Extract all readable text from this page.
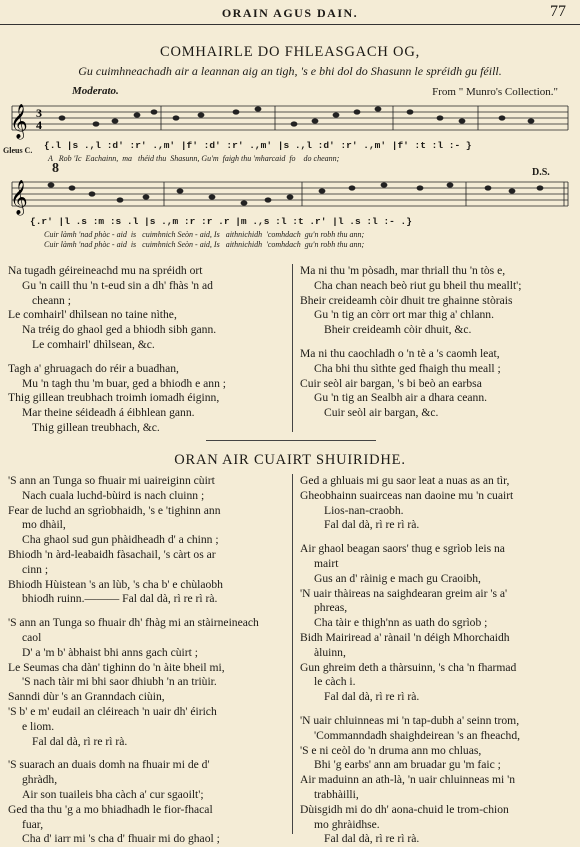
ORAIN AGUS DAIN.	77
COMHAIRLE DO FHLEASGACH OG,
Gu cuimhneachadh air a leannan aig an tigh, 's e bhi dol do Shasunn le spréidh gu féill.
Moderato.	From " Munro's Collection."
𝄞 3
4
𝄞
Gleus C. {.l |s .,l :d' :r' .,m' |f' :d' :r' .,m' |s .,l :d' :r' .,m' |f' :t :l :- }
A   Rob 'Ic  Eachainn,  ma   théid thu  Shasunn, Gu'm  faigh thu 'mharcaid  fo    do cheann;
8	D.S.
{.r' |l .s :m :s .l |s .,m :r :r .r |m .,s :l :t .r' |l .s :l :- .}
Cuir làmh 'nad phòc - aid  is   cuimhnich Seòn - aid, Is   aithnichidh  'comhdach  gu'n robh thu ann;
Cuir làmh 'nad phòc - aid  is   cuimhnich Seòn - aid, Is   aithnichidh  'comhdach  gu'n robh thu ann;
Na tugadh géireineachd mu na spréidh ort
Gu 'n caill thu 'n t-eud sin a dh' fhàs 'n ad
cheann ;
Le comhairl' dhìlsean no taine nìthe,
Na tréig do ghaol ged a bhiodh sibh gann.
Le comhairl' dhìlsean, &c.
Tagh a' ghruagach do réir a buadhan,
Mu 'n tagh thu 'm buar, ged a bhiodh e ann ;
Thig gillean treubhach troimh iomadh éiginn,
Mar theine séideadh á éibhlean gann.
Thig gillean treubhach, &c.
Ma ni thu 'm pòsadh, mar thriall thu 'n tòs e,
Cha chan neach beò riut gu bheil thu meallt';
Bheir creideamh còir dhuit tre ghainne stòrais
Gu 'n tig an còrr ort mar thig a' chlann.
Bheir creideamh còir dhuit, &c.
Ma ni thu caochladh o 'n tè a 's caomh leat,
Cha bhi thu sìthte ged fhaigh thu meall ;
Cuir seòl air bargan, 's bi beò an earbsa
Gu 'n tig an Sealbh air a dhara ceann.
Cuir seòl air bargan, &c.
ORAN AIR CUAIRT SHUIRIDHE.
'S ann an Tunga so fhuair mi uaireiginn cùirt
Nach cuala luchd-bùird is nach cluinn ;
Fear de luchd an sgrìobhaidh, 's e 'tighinn ann
mo dhàil,
Cha ghaol sud gun phàidheadh d' a chinn ;
Bhiodh 'n àrd-leabaidh fàsachail, 's càrt os ar
cinn ;
Bhiodh Hùistean 's an lùb, 's cha b' e chùlaobh
bhiodh ruinn.——— Fal dal dà, rì re rì rà.
'S ann an Tunga so fhuair dh' fhàg mi an stàirneineach
caol
D' a 'm b' àbhaist bhi anns gach cùirt ;
Le Seumas cha dàn' tighinn do 'n àite bheil mi,
'S nach tàir mi bhi saor dhiubh 'n an triùir.
Sanndi dùr 's an Granndach ciùin,
'S b' e m' eudail an cléireach 'n uair dh' éirich
e liom.
Fal dal dà, rì re rì rà.
'S suarach an duais domh na fhuair mi de d'
ghràdh,
Air son tuaileis bha càch a' cur sgaoilt';
Ged tha thu 'g a mo bhiadhadh le fior-fhacal
fuar,
Cha d' iarr mi 's cha d' fhuair mi do ghaol ;
Ged a ghluais mi gu saor leat a nuas as an tìr,
Gheobhainn suairceas nan daoine mu 'n cuairt
Lios-nan-craobh.
Fal dal dà, rì re rì rà.
Air ghaol beagan saors' thug e sgrìob leis na
mairt
Gus an d' ràinig e mach gu Craoibh,
'N uair thàireas na saighdearan greim air 's a'
phreas,
Cha tàir e thigh'nn as uath do sgrìob ;
Bidh Mairiread a' rànail 'n déigh Mhorchaidh
àluinn,
Gun ghreim deth a thàrsuinn, 's cha 'n fharmad
le càch i.
Fal dal dà, rì re rì rà.
'N uair chluinneas mi 'n tap-dubh a' seinn trom,
'Commanndadh shaighdeirean 's an fheachd,
'S e ni ceòl do 'n druma ann mo chluas,
Bhi 'g earbs' ann am bruadar gu 'm faic ;
Air maduinn an ath-là, 'n uair chluinneas mi 'n
trabhàilli,
Dùisgidh mi do dh' aona-chuid le trom-chion
mo ghràidhse.
Fal dal dà, rì re rì rà.
